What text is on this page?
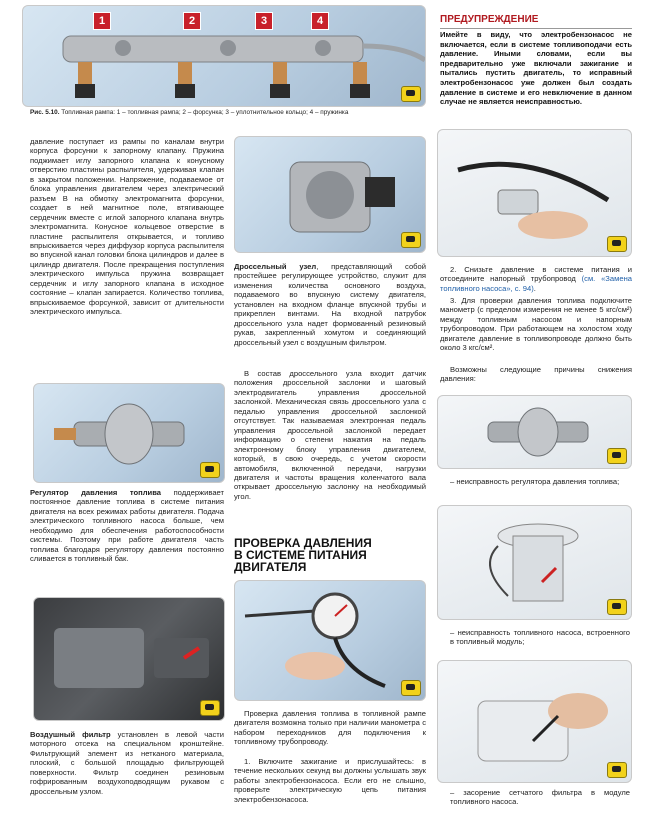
1	2	3	4
Рис. 5.10. Топливная рампа: 1 – топливная рампа; 2 – форсунка; 3 – уплотнительное кольцо; 4 – пружинка
ПРЕДУПРЕЖДЕНИЕ
Имейте в виду, что электробензонасос не включается, если в системе топливоподачи есть давление. Иными словами, если вы предварительно уже включали зажигание и пытались пустить двигатель, то исправный электробензонасос уже должен был создать давление в системе и его невключение в данном случае не является неисправностью.
давление поступает из рампы по каналам внутри корпуса форсунки к запорному клапану. Пружина поджимает иглу запорного клапана к конусному отверстию пластины распылителя, удерживая клапан в закрытом положении. Напряжение, подаваемое от блока управления двигателем через электрический разъем В на обмотку электромагнита форсунки, создает в ней магнитное поле, втягивающее сердечник вместе с иглой запорного клапана внутрь электромагнита. Конусное кольцевое отверстие в пластине распылителя открывается, и топливо впрыскивается через диффузор корпуса распылителя во впускной канал головки блока цилиндров и далее в цилиндр двигателя. После прекращения поступления электрического импульса пружина возвращает сердечник и иглу запорного клапана в исходное состояние – клапан запирается. Количество топлива, впрыскиваемое форсункой, зависит от длительности электрического импульса.
Регулятор давления топлива поддерживает постоянное давление топлива в системе питания двигателя на всех режимах работы двигателя. Подача электрического топливного насоса больше, чем необходимо для обеспечения работоспособности системы. Поэтому при работе двигателя часть топлива благодаря регулятору давления постоянно сливается в топливный бак.
Воздушный фильтр установлен в левой части моторного отсека на специальном кронштейне. Фильтрующий элемент из нетканого материала, плоский, с большой площадью фильтрующей поверхности. Фильтр соединен резиновым гофрированным воздухоподводящим рукавом с дроссельным узлом.
Дроссельный узел, представляющий собой простейшее регулирующее устройство, служит для изменения количества основного воздуха, подаваемого во впускную систему двигателя, установлен на входном фланце впускной трубы и прикреплен винтами. На входной патрубок дроссельного узла надет формованный резиновый рукав, закрепленный хомутом и соединяющий дроссельный узел с воздушным фильтром.
В состав дроссельного узла входит датчик положения дроссельной заслонки и шаговый электродвигатель управления дроссельной заслонкой. Механическая связь дроссельного узла с педалью управления дроссельной заслонкой отсутствует. Так называемая электронная педаль управления дроссельной заслонкой передает информацию о степени нажатия на педаль электронному блоку управления двигателем, который, в свою очередь, с учетом скорости автомобиля, включенной передачи, нагрузки двигателя и частоты вращения коленчатого вала открывает дроссельную заслонку на необходимый угол.
ПРОВЕРКА ДАВЛЕНИЯ
В СИСТЕМЕ ПИТАНИЯ
ДВИГАТЕЛЯ
Проверка давления топлива в топливной рампе двигателя возможна только при наличии манометра с набором переходников для подключения к топливному трубопроводу.
1. Включите зажигание и прислушайтесь: в течение нескольких секунд вы должны услышать звук работы электробензонасоса. Если его не слышно, проверьте электрическую цепь питания электробензонасоса.
2. Снизьте давление в системе питания и отсоедините напорный трубопровод (см. «Замена топливного насоса», с. 94).
3. Для проверки давления топлива подключите манометр (с пределом измерения не менее 5 кгс/см²) между топливным насосом и напорным трубопроводом. При работающем на холостом ходу двигателе давление в топливопроводе должно быть около 3 кгс/см².
Возможны следующие причины снижения давления:
– неисправность регулятора давления топлива;
– неисправность топливного насоса, встроенного в топливный модуль;
– засорение сетчатого фильтра в модуле топливного насоса.
